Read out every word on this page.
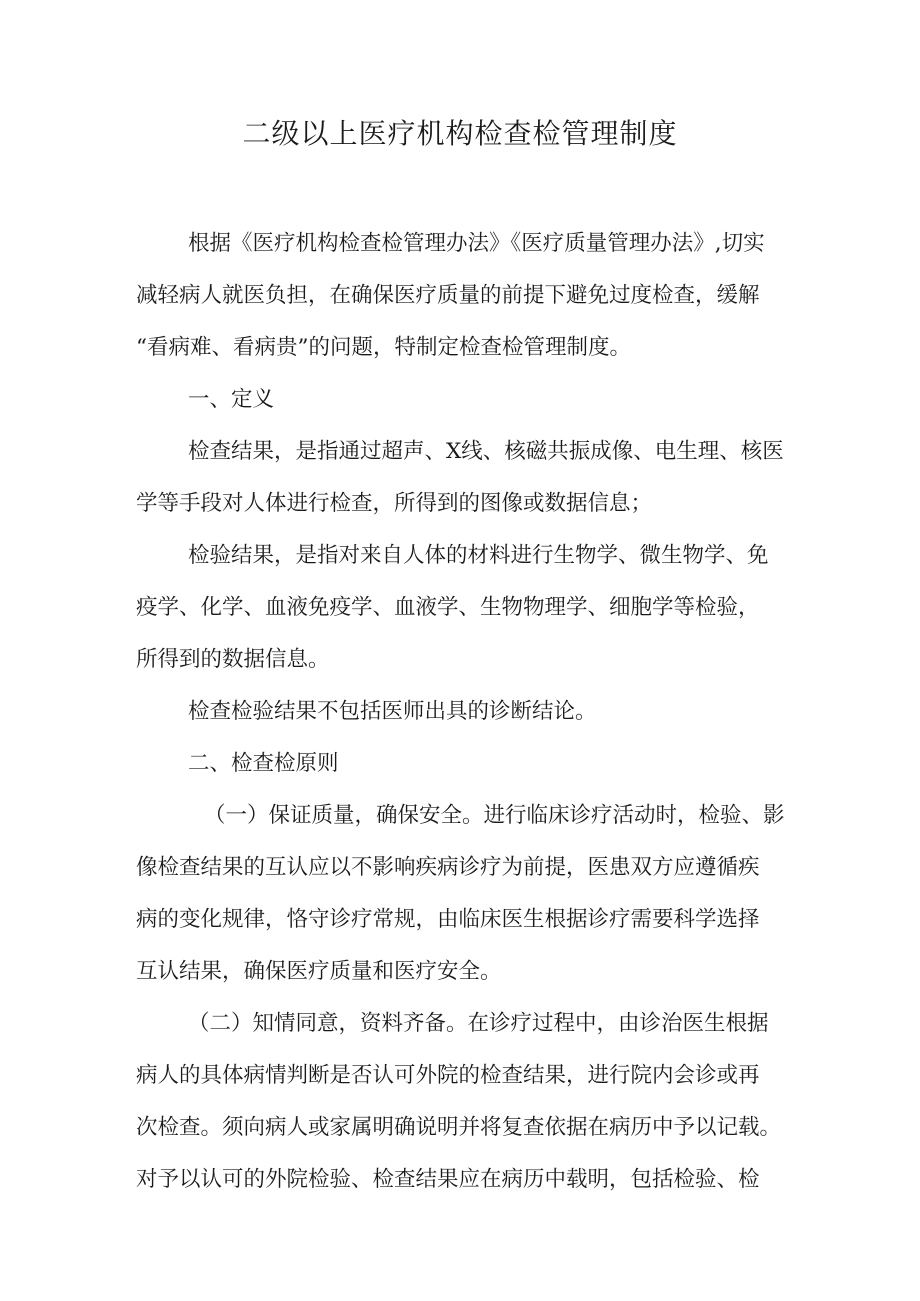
二级以上医疗机构检查检管理制度
根据《医疗机构检查检管理办法》《医疗质量管理办法》,切实
减轻病人就医负担，在确保医疗质量的前提下避免过度检查，缓解
“看病难、看病贵”的问题，特制定检查检管理制度。
一、定义
检查结果，是指通过超声、X线、核磁共振成像、电生理、核医
学等手段对人体进行检查，所得到的图像或数据信息；
检验结果，是指对来自人体的材料进行生物学、微生物学、免
疫学、化学、血液免疫学、血液学、生物物理学、细胞学等检验，
所得到的数据信息。
检查检验结果不包括医师出具的诊断结论。
二、检查检原则
（一）保证质量，确保安全。进行临床诊疗活动时，检验、影
像检查结果的互认应以不影响疾病诊疗为前提，医患双方应遵循疾
病的变化规律，恪守诊疗常规，由临床医生根据诊疗需要科学选择
互认结果，确保医疗质量和医疗安全。
（二）知情同意，资料齐备。在诊疗过程中，由诊治医生根据
病人的具体病情判断是否认可外院的检查结果，进行院内会诊或再
次检查。须向病人或家属明确说明并将复查依据在病历中予以记载。
对予以认可的外院检验、检查结果应在病历中载明，包括检验、检
